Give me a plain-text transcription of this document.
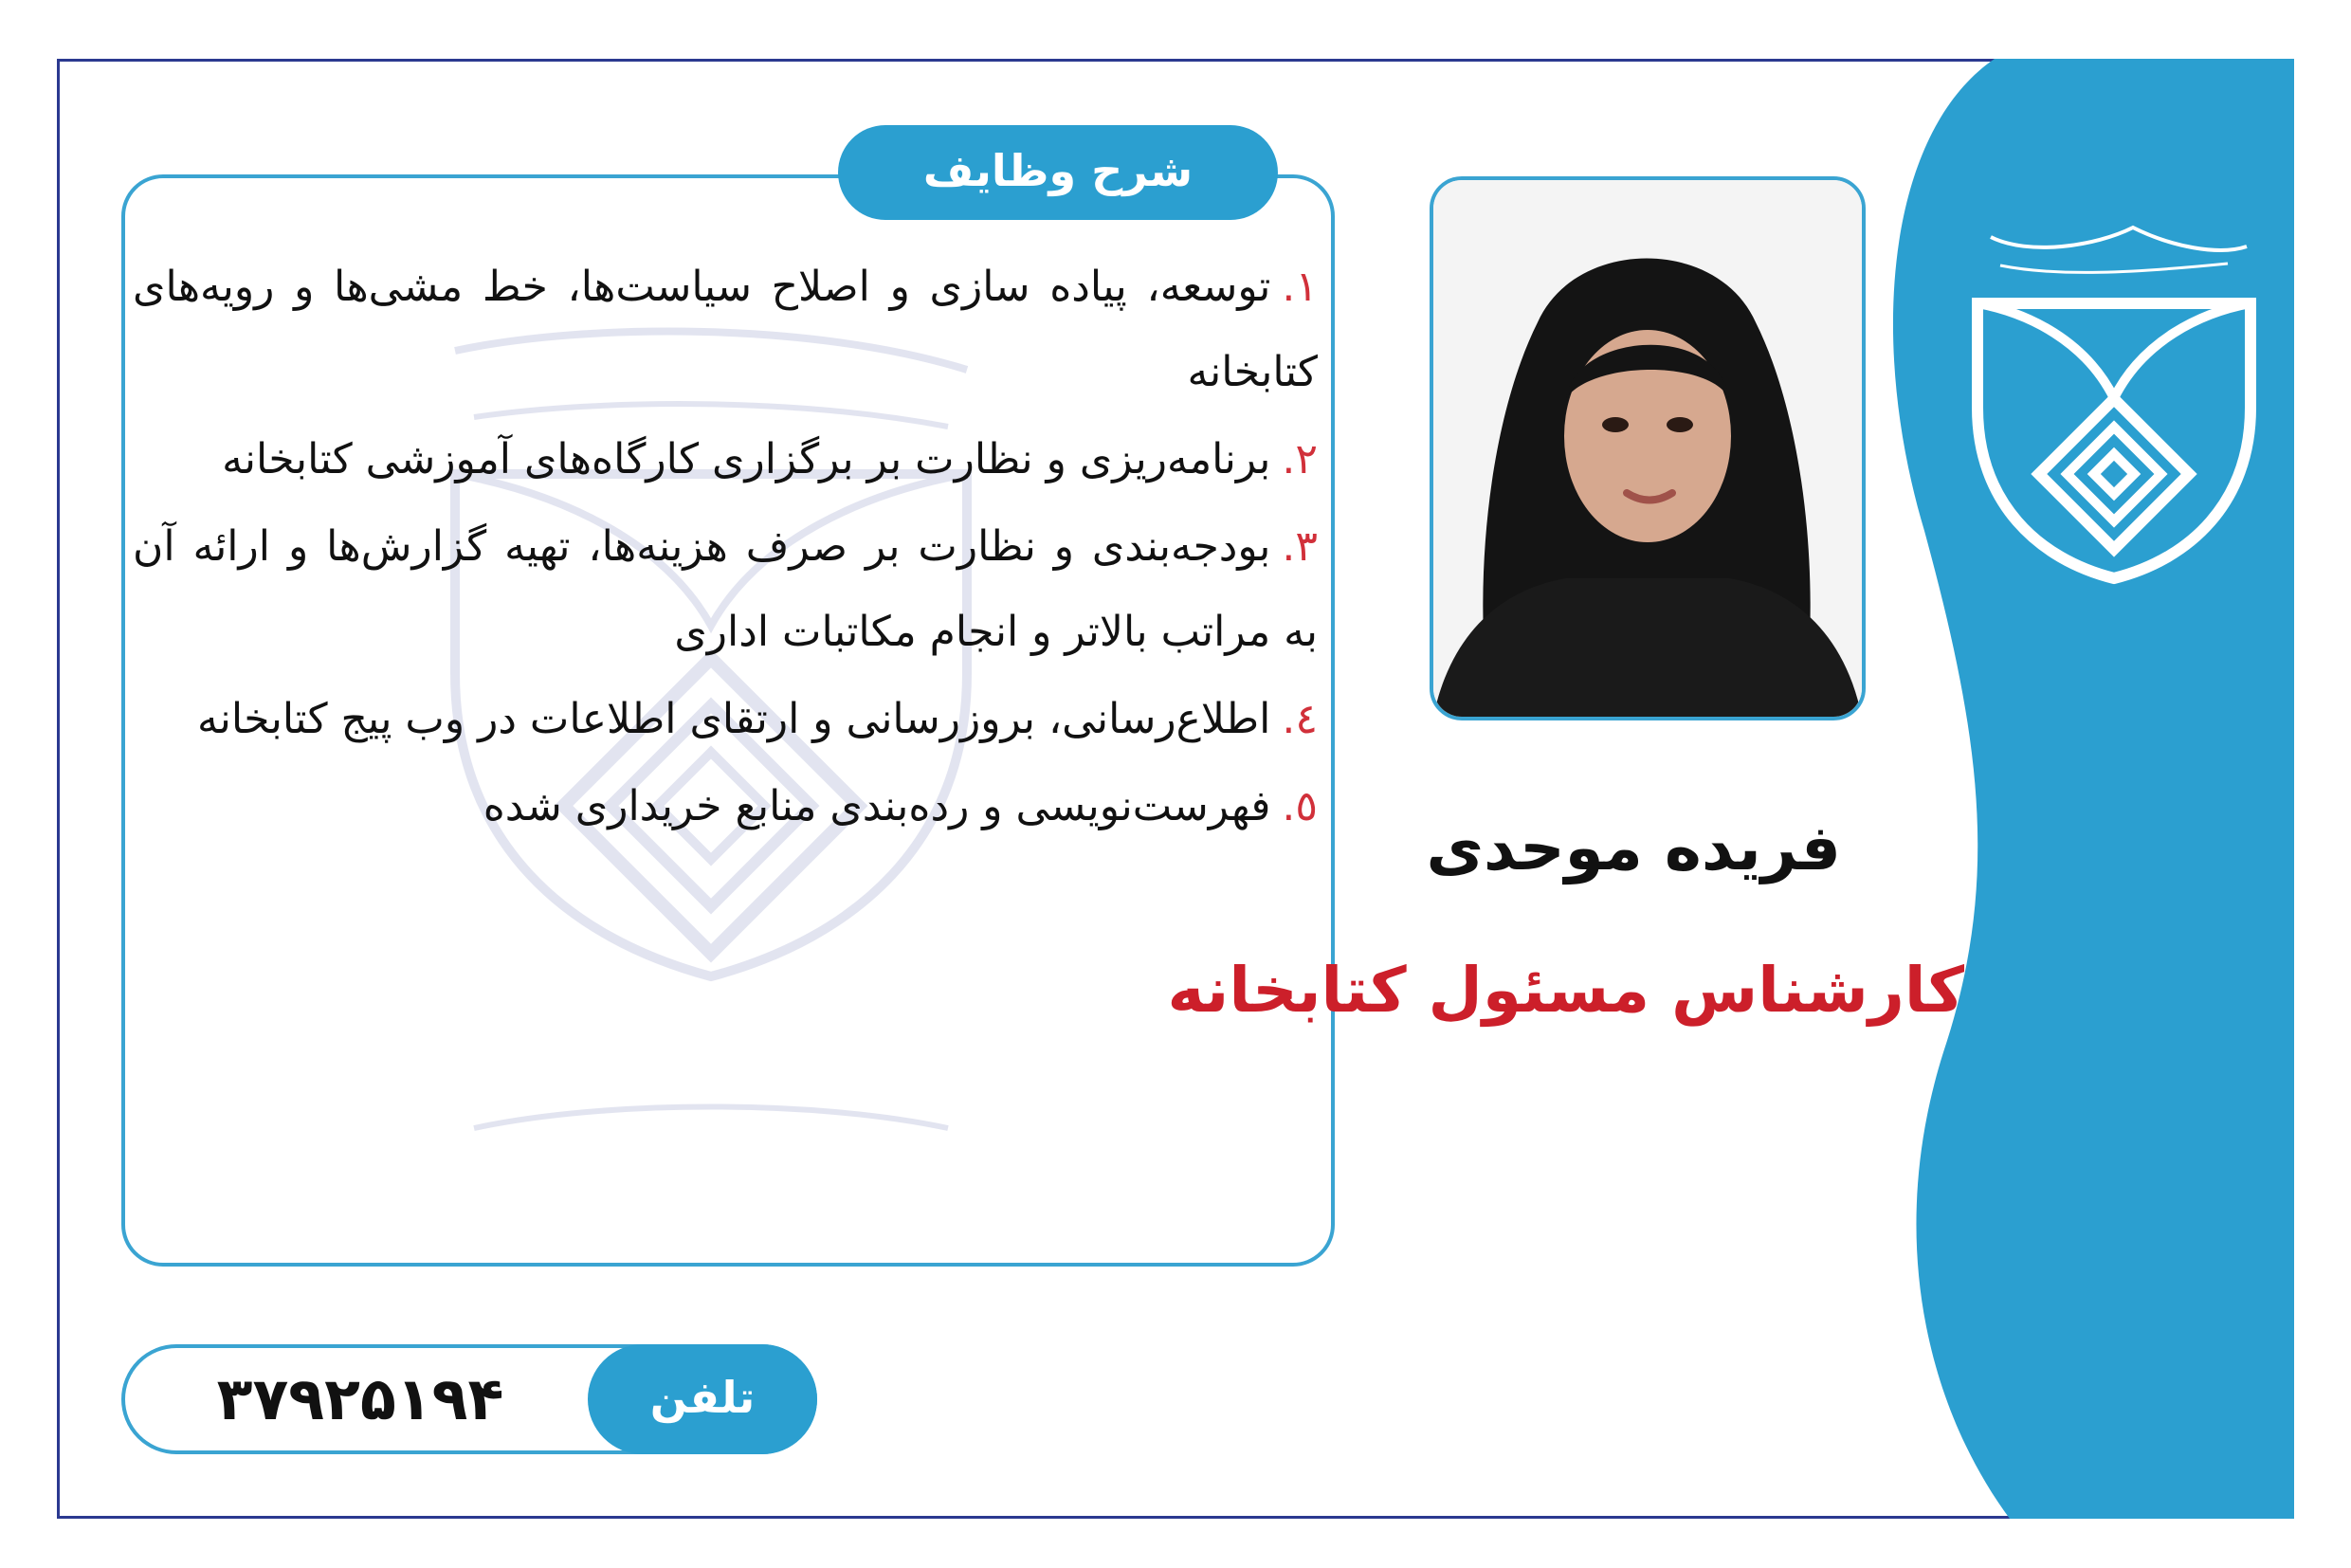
شرح وظایف
۱.توسعه، پیاده سازی و اصلاح سیاست‌ها، خط مشی‌ها و رویه‌های کتابخانه
۲.برنامه‌ریزی و نظارت بر برگزاری کارگاه‌های آموزشی کتابخانه
۳.بودجه‌بندی و نظارت بر صرف هزینه‌ها، تهیه گزارش‌ها و ارائه آن به مراتب بالاتر و انجام مکاتبات اداری
٤.اطلاع‌رسانی، بروزرسانی و ارتقای اطلاعات در وب پیج کتابخانه
٥.فهرست‌نویسی و رده‌بندی منابع خریداری شده
فریده موحدی
کارشناس مسئول کتابخانه
۳۷۹۲۵۱۹۴	تلفن
